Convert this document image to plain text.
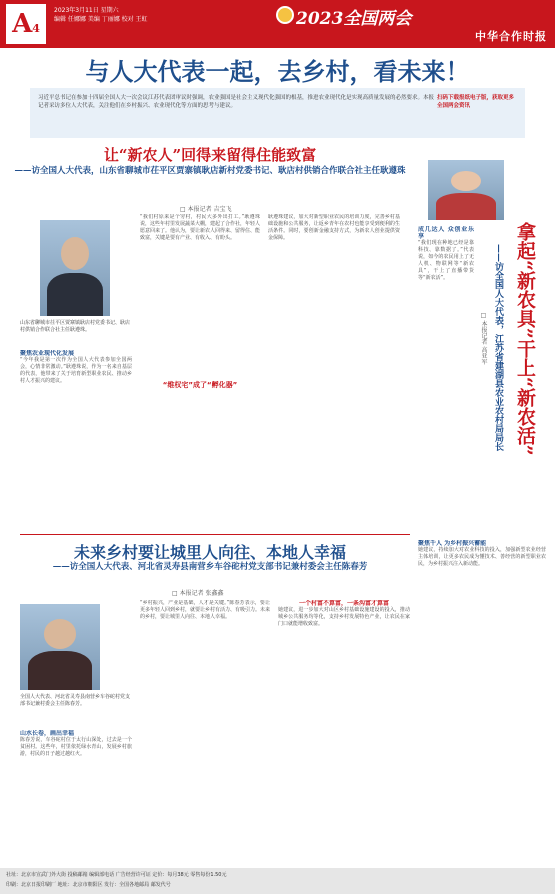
A4
2023年3月11日 星期六
编辑 任娜娜 美编 丁丽娜 校对 王虹	2023全国两会
中华合作时报
与人大代表一起，去乡村，看未来！
习近平总书记在参加十四届全国人大一次会议江苏代表团审议时强调，农业强国是社会主义现代化强国的根基，推进农业现代化是实现高质量发展的必然要求。本报记者采访多位人大代表，关注他们在乡村振兴、农业现代化等方面的思考与建议。
扫码下载报纸电子版，获取更多全国两会资讯
让“新农人”回得来留得住能致富
——访全国人大代表，山东省聊城市茌平区贾寨镇耿店新村党委书记、耿店村供销合作联合社主任耿遵珠
□ 本报记者 吉宝飞
山东省聊城市茌平区贾寨镇耿店村党委书记、耿店村供销合作联合社主任耿遵珠。
聚焦农业现代化发展
“今年我是第一次作为全国人大代表参加全国两会，心情非常激动。”耿遵珠说，作为一名来自基层的代表，他带来了关于培育新型职业农民、推动乡村人才振兴的建议。
“我们村原来是个穷村，村民大多外出打工。”耿遵珠说，这些年村里发展蔬菜大棚，建起了合作社，年轻人愿意回来了。他认为，要让新农人回得来、留得住、能致富，关键是要有产业、有收入、有盼头。
“维权宅”成了“孵化器”
耿遵珠建议，加大对新型职业农民的培训力度，完善乡村基础设施和公共服务，让返乡青年在农村也能享受到便利的生活条件。同时，要创新金融支持方式，为新农人创业提供资金保障。
未来乡村要让城里人向往、本地人幸福
——访全国人大代表、河北省灵寿县南营乡车谷砣村党支部书记兼村委会主任陈春芳
□ 本报记者 张鑫鑫
全国人大代表、河北省灵寿县南营乡车谷砣村党支部书记兼村委会主任陈春芳。
山水长卷，画出幸福
陈春芳说，车谷砣村位于太行山深处，过去是一个贫困村。这些年，村里依托绿水青山，发展乡村旅游，村民的日子越过越红火。
“乡村振兴，产业是基础，人才是关键。”陈春芳表示，要让更多年轻人回到乡村，就要让乡村有活力、有吸引力。未来的乡村，要让城里人向往、本地人幸福。
一个村富不算富，一条沟富才算富
她建议，进一步加大对山区乡村基础设施建设的投入，推动城乡公共服务均等化，支持乡村发展特色产业，让农民在家门口就能增收致富。
拿起“新农具”干上“新农活”
——访全国人大代表，江苏省建湖县农业农村局局长
□ 本报记者 高亚军
成几达人 众创业乐享
“我们现在种地已经是靠科技、靠数据了。”代表说，如今的农民用上了无人机、物联网等“新农具”，干上了直播带货等“新农活”。
聚焦千人 为乡村振兴蓄能
她建议，持续加大对农业科技的投入，加强新型农业经营主体培训，让更多农民成为懂技术、善经营的新型职业农民，为乡村振兴注入新动能。
社址：北京市宣武门外大街 投稿邮箱 编辑部电话 广告经营许可证 定价：每月38元 零售每份1.50元
印刷：北京日报印刷厂 地址：北京市朝阳区 发行：全国各地邮局 邮发代号
